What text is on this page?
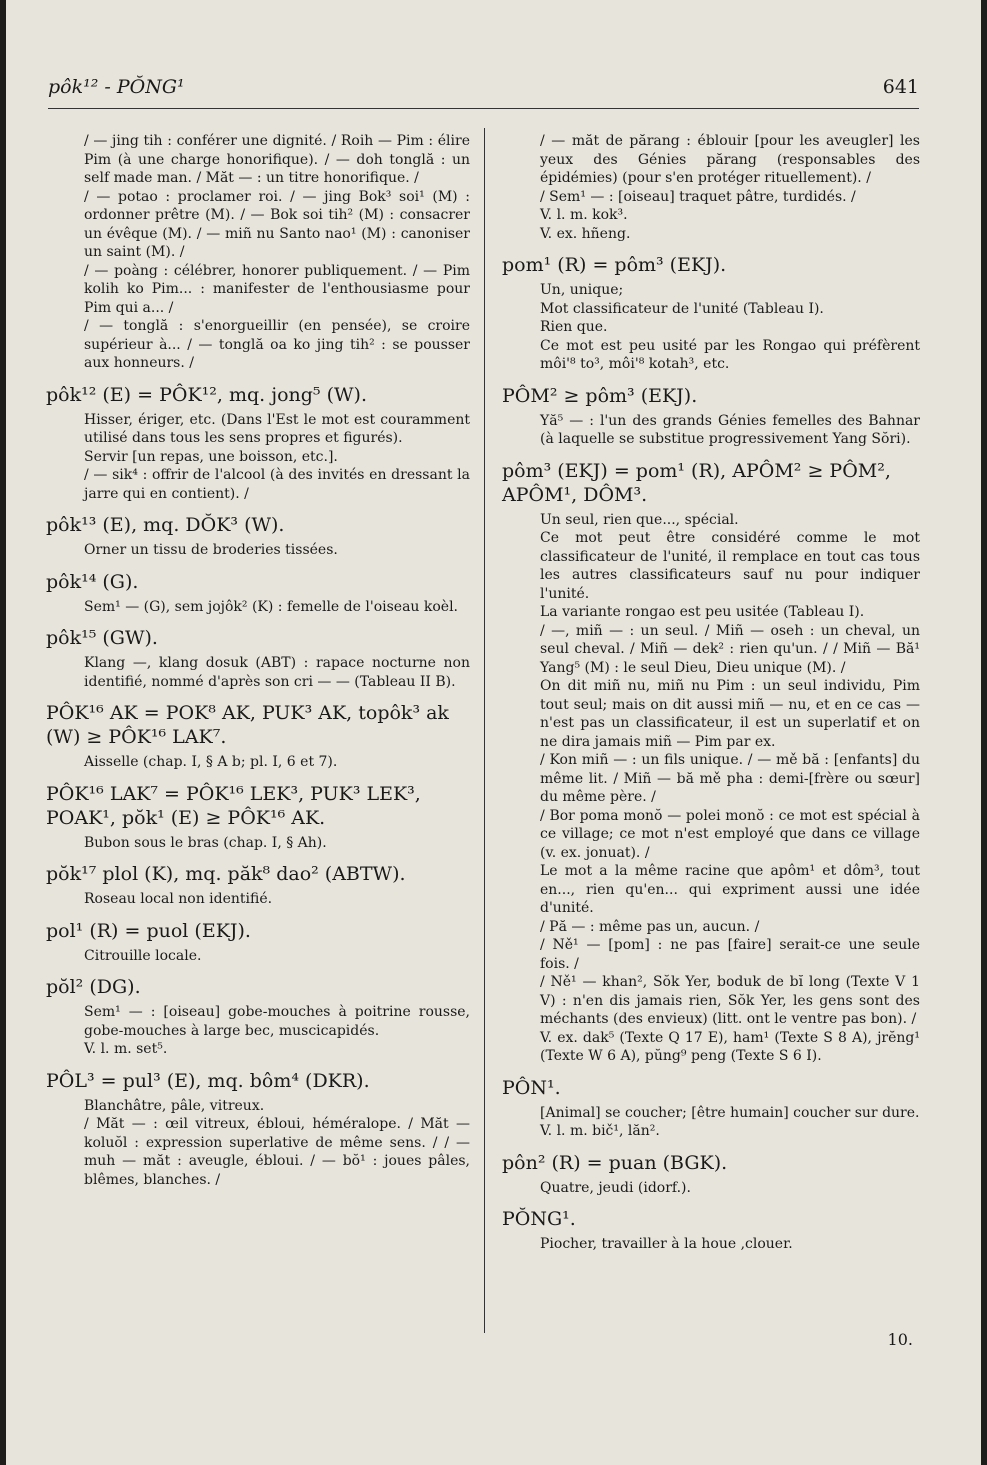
pôk¹² - PŎNG¹	641

/ — jing tih : conférer une dignité. / Roih — Pim : élire Pim (à une charge honorifique). / — doh tonglă : un self made man. / Măt — : un titre honorifique. /

/ — potao : proclamer roi. / — jing Bok³ soi¹ (M) : ordonner prêtre (M). / — Bok soi tih² (M) : consacrer un évêque (M). / — miñ nu Santo nao¹ (M) : canoniser un saint (M). /

/ — poàng : célébrer, honorer publiquement. / — Pim kolih ko Pim... : manifester de l'enthousiasme pour Pim qui a... /

/ — tonglă : s'enorgueillir (en pensée), se croire supérieur à... / — tonglă oa ko jing tih² : se pousser aux honneurs. /

pôk¹² (E) = PÔK¹², mq. jong⁵ (W).

Hisser, ériger, etc. (Dans l'Est le mot est couramment utilisé dans tous les sens propres et figurés).

Servir [un repas, une boisson, etc.].

/ — sik⁴ : offrir de l'alcool (à des invités en dressant la jarre qui en contient). /

pôk¹³ (E), mq. DŎK³ (W).

Orner un tissu de broderies tissées.

pôk¹⁴ (G).

Sem¹ — (G), sem jojôk² (K) : femelle de l'oiseau koèl.

pôk¹⁵ (GW).

Klang —, klang dosuk (ABT) : rapace nocturne non identifié, nommé d'après son cri — — (Tableau II B).

PÔK¹⁶ AK = POK⁸ AK, PUK³ AK, topôk³ ak (W) ≥ PÔK¹⁶ LAK⁷.

Aisselle (chap. I, § A b; pl. I, 6 et 7).

PÔK¹⁶ LAK⁷ = PÔK¹⁶ LEK³, PUK³ LEK³, POAK¹, pŏk¹ (E) ≥ PÔK¹⁶ AK.

Bubon sous le bras (chap. I, § Ah).

pŏk¹⁷ plol (K), mq. păk⁸ dao² (ABTW).

Roseau local non identifié.

pol¹ (R) = puol (EKJ).

Citrouille locale.

pŏl² (DG).

Sem¹ — : [oiseau] gobe-mouches à poitrine rousse, gobe-mouches à large bec, muscicapidés.

V. l. m. set⁵.

PÔL³ = pul³ (E), mq. bôm⁴ (DKR).

Blanchâtre, pâle, vitreux.

/ Măt — : œil vitreux, ébloui, héméralope. / Măt — koluŏl : expression superlative de même sens. / / — muh — măt : aveugle, ébloui. / — bŏ¹ : joues pâles, blêmes, blanches. /

/ — măt de părang : éblouir [pour les aveugler] les yeux des Génies părang (responsables des épidémies) (pour s'en protéger rituellement). /

/ Sem¹ — : [oiseau] traquet pâtre, turdidés. /

V. l. m. kok³.

V. ex. hñeng.

pom¹ (R) = pôm³ (EKJ).

Un, unique;

Mot classificateur de l'unité (Tableau I).

Rien que.

Ce mot est peu usité par les Rongao qui préfèrent môi'⁸ to³, môi'⁸ kotah³, etc.

PÔM² ≥ pôm³ (EKJ).

Yă⁵ — : l'un des grands Génies femelles des Bahnar (à laquelle se substitue progressivement Yang Sŏri).

pôm³ (EKJ) = pom¹ (R), APÔM² ≥ PÔM², APÔM¹, DÔM³.

Un seul, rien que..., spécial.

Ce mot peut être considéré comme le mot classificateur de l'unité, il remplace en tout cas tous les autres classificateurs sauf nu pour indiquer l'unité.

La variante rongao est peu usitée (Tableau I).

/ —, miñ — : un seul. / Miñ — oseh : un cheval, un seul cheval. / Miñ — dek² : rien qu'un. / / Miñ — Bă¹ Yang⁵ (M) : le seul Dieu, Dieu unique (M). /

On dit miñ nu, miñ nu Pim : un seul individu, Pim tout seul; mais on dit aussi miñ — nu, et en ce cas — n'est pas un classificateur, il est un superlatif et on ne dira jamais miñ — Pim par ex.

/ Kon miñ — : un fils unique. / — mě bă : [enfants] du même lit. / Miñ — bă mě pha : demi-[frère ou sœur] du même père. /

/ Bor poma monŏ — polei monŏ : ce mot est spécial à ce village; ce mot n'est employé que dans ce village (v. ex. jonuat). /

Le mot a la même racine que apôm¹ et dôm³, tout en..., rien qu'en... qui expriment aussi une idée d'unité.

/ Pă — : même pas un, aucun. /

/ Ně¹ — [pom] : ne pas [faire] serait-ce une seule fois. /

/ Ně¹ — khan², Sŏk Yer, boduk de bĭ long (Texte V 1 V) : n'en dis jamais rien, Sŏk Yer, les gens sont des méchants (des envieux) (litt. ont le ventre pas bon). /

V. ex. dak⁵ (Texte Q 17 E), ham¹ (Texte S 8 A), jrĕng¹ (Texte W 6 A), pŭng⁹ peng (Texte S 6 I).

PÔN¹.

[Animal] se coucher; [être humain] coucher sur dure.

V. l. m. bič¹, lăn².

pôn² (R) = puan (BGK).

Quatre, jeudi (idorf.).

PŎNG¹.

Piocher, travailler à la houe ,clouer.

10.
